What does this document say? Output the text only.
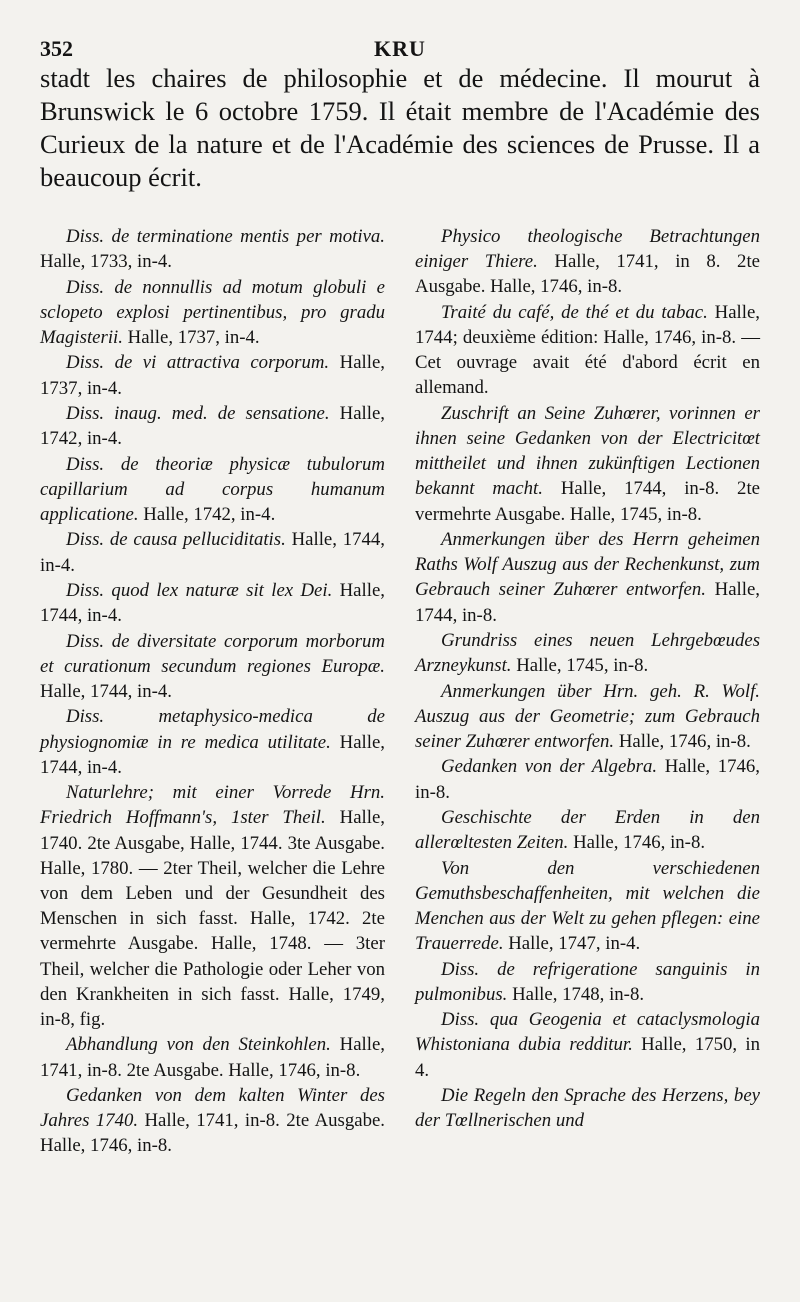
352	KRU

stadt les chaires de philosophie et de médecine. Il mourut à Brunswick le 6 octobre 1759. Il était membre de l'Académie des Curieux de la nature et de l'Académie des sciences de Prusse. Il a beaucoup écrit.

Diss. de terminatione mentis per motiva. Halle, 1733, in-4.

Diss. de nonnullis ad motum globuli e sclopeto explosi pertinentibus, pro gradu Magisterii. Halle, 1737, in-4.

Diss. de vi attractiva corporum. Halle, 1737, in-4.

Diss. inaug. med. de sensatione. Halle, 1742, in-4.

Diss. de theoriæ physicæ tubulorum capillarium ad corpus humanum applicatione. Halle, 1742, in-4.

Diss. de causa pelluciditatis. Halle, 1744, in-4.

Diss. quod lex naturæ sit lex Dei. Halle, 1744, in-4.

Diss. de diversitate corporum morborum et curationum secundum regiones Europæ. Halle, 1744, in-4.

Diss. metaphysico-medica de physiognomiæ in re medica utilitate. Halle, 1744, in-4.

Naturlehre; mit einer Vorrede Hrn. Friedrich Hoffmann's, 1ster Theil. Halle, 1740. 2te Ausgabe, Halle, 1744. 3te Ausgabe. Halle, 1780. — 2ter Theil, welcher die Lehre von dem Leben und der Gesundheit des Menschen in sich fasst. Halle, 1742. 2te vermehrte Ausgabe. Halle, 1748. — 3ter Theil, welcher die Pathologie oder Leher von den Krankheiten in sich fasst. Halle, 1749, in-8, fig.

Abhandlung von den Steinkohlen. Halle, 1741, in-8. 2te Ausgabe. Halle, 1746, in-8.

Gedanken von dem kalten Winter des Jahres 1740. Halle, 1741, in-8. 2te Ausgabe. Halle, 1746, in-8.

Physico theologische Betrachtungen einiger Thiere. Halle, 1741, in 8. 2te Ausgabe. Halle, 1746, in-8.

Traité du café, de thé et du tabac. Halle, 1744; deuxième édition: Halle, 1746, in-8. — Cet ouvrage avait été d'abord écrit en allemand.

Zuschrift an Seine Zuhœrer, vorinnen er ihnen seine Gedanken von der Electricitœt mittheilet und ihnen zukünftigen Lectionen bekannt macht. Halle, 1744, in-8. 2te vermehrte Ausgabe. Halle, 1745, in-8.

Anmerkungen über des Herrn geheimen Raths Wolf Auszug aus der Rechenkunst, zum Gebrauch seiner Zuhœrer entworfen. Halle, 1744, in-8.

Grundriss eines neuen Lehrgebœudes Arzneykunst. Halle, 1745, in-8.

Anmerkungen über Hrn. geh. R. Wolf. Auszug aus der Geometrie; zum Gebrauch seiner Zuhœrer entworfen. Halle, 1746, in-8.

Gedanken von der Algebra. Halle, 1746, in-8.

Geschischte der Erden in den allerœltesten Zeiten. Halle, 1746, in-8.

Von den verschiedenen Gemuthsbeschaffenheiten, mit welchen die Menchen aus der Welt zu gehen pflegen: eine Trauerrede. Halle, 1747, in-4.

Diss. de refrigeratione sanguinis in pulmonibus. Halle, 1748, in-8.

Diss. qua Geogenia et cataclysmologia Whistoniana dubia redditur. Halle, 1750, in 4.

Die Regeln den Sprache des Herzens, bey der Tœllnerischen und
